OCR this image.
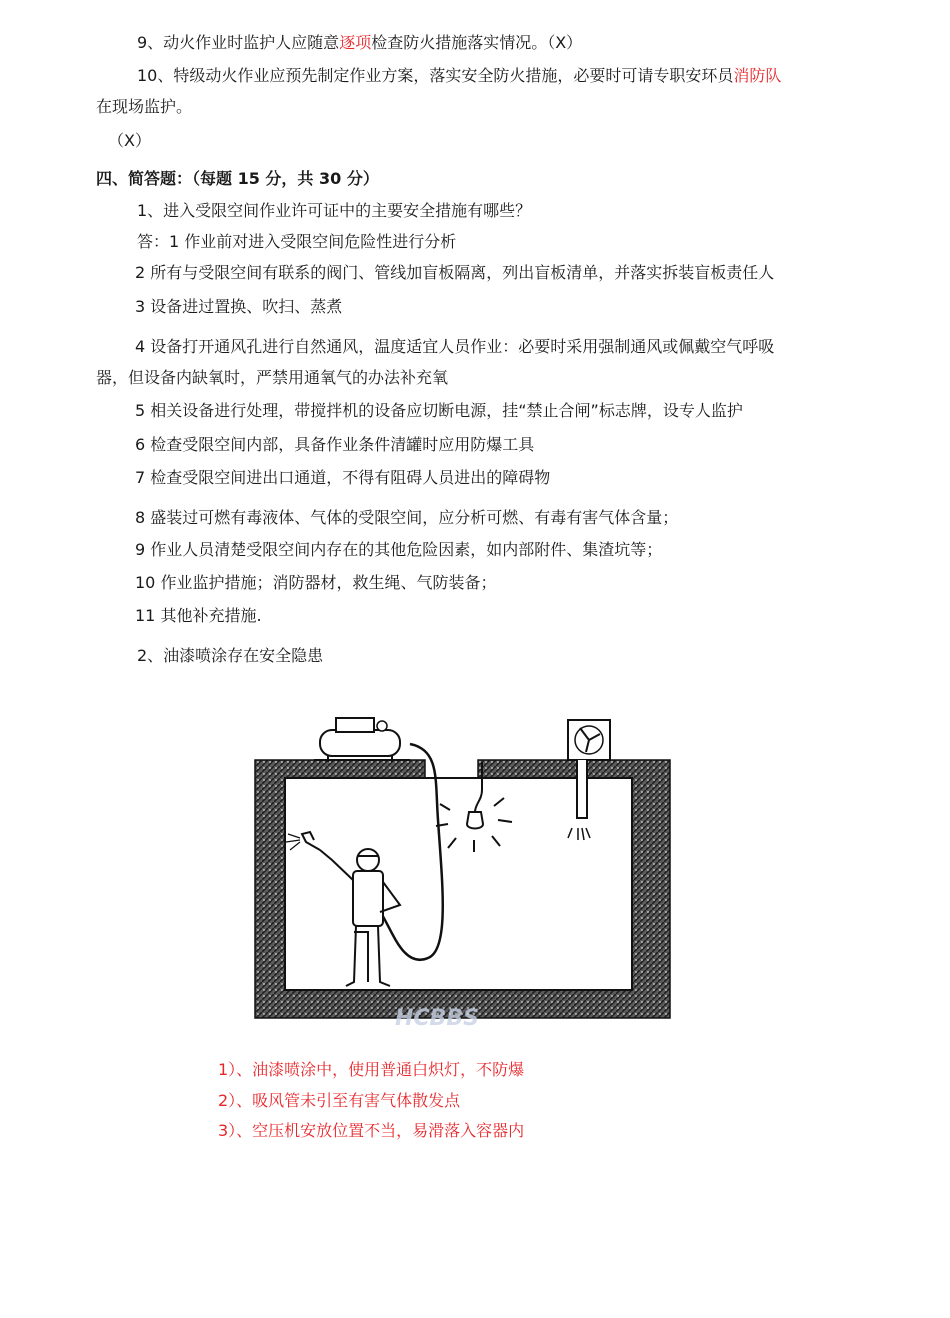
9、动火作业时监护人应随意逐项检查防火措施落实情况。（X）
10、特级动火作业应预先制定作业方案，落实安全防火措施，必要时可请专职安环员消防队
在现场监护。
（X）
四、简答题：（每题 15 分，共 30 分）
1、进入受限空间作业许可证中的主要安全措施有哪些？
答：1 作业前对进入受限空间危险性进行分析
2 所有与受限空间有联系的阀门、管线加盲板隔离，列出盲板清单，并落实拆装盲板责任人
3 设备进过置换、吹扫、蒸煮
4 设备打开通风孔进行自然通风，温度适宜人员作业：必要时采用强制通风或佩戴空气呼吸
器，但设备内缺氧时，严禁用通氧气的办法补充氧
5 相关设备进行处理，带搅拌机的设备应切断电源，挂“禁止合闸”标志牌，设专人监护
6 检查受限空间内部，具备作业条件清罐时应用防爆工具
7 检查受限空间进出口通道，不得有阻碍人员进出的障碍物
8 盛装过可燃有毒液体、气体的受限空间，应分析可燃、有毒有害气体含量；
9 作业人员清楚受限空间内存在的其他危险因素，如内部附件、集渣坑等；
10 作业监护措施；消防器材，救生绳、气防装备；
11 其他补充措施.
2、油漆喷涂存在安全隐患
HCBBS
1）、油漆喷涂中，使用普通白炽灯，不防爆
2）、吸风管未引至有害气体散发点
3）、空压机安放位置不当，易滑落入容器内
